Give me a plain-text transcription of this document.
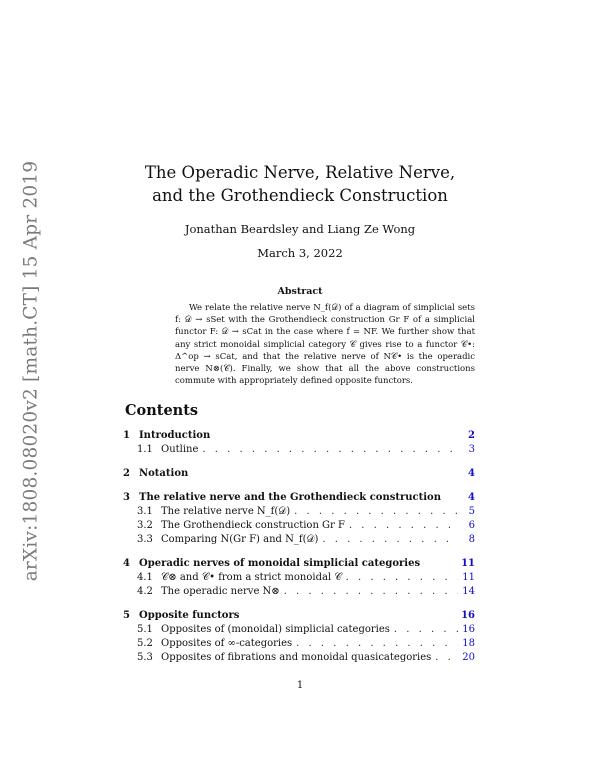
arXiv:1808.08020v2 [math.CT] 15 Apr 2019	The Operadic Nerve, Relative Nerve,
and the Grothendieck Construction
Jonathan Beardsley and Liang Ze Wong
March 3, 2022
Abstract
We relate the relative nerve N_f(𝒟) of a diagram of simplicial sets f: 𝒟 → sSet with the Grothendieck construction Gr F of a simplicial functor F: 𝒟 → sCat in the case where f = NF. We further show that any strict monoidal simplicial category 𝒞 gives rise to a functor 𝒞•: Δ^op → sCat, and that the relative nerve of N𝒞• is the operadic nerve N⊗(𝒞). Finally, we show that all the above constructions commute with appropriately defined opposite functors.
Contents
1 Introduction	2
1.1 Outline . . .	3
2 Notation	4
3 The relative nerve and the Grothendieck construction	4
3.1 The relative nerve N_f(𝒟) . . .	5
3.2 The Grothendieck construction Gr F . . .	6
3.3 Comparing N(Gr F) and N_f(𝒟) . . .	8
4 Operadic nerves of monoidal simplicial categories	11
4.1 𝒞⊗ and 𝒞• from a strict monoidal 𝒞 . . .	11
4.2 The operadic nerve N⊗ . . .	14
5 Opposite functors	16
5.1 Opposites of (monoidal) simplicial categories . . .	16
5.2 Opposites of ∞-categories . . .	18
5.3 Opposites of fibrations and monoidal quasicategories . . .	20
1
